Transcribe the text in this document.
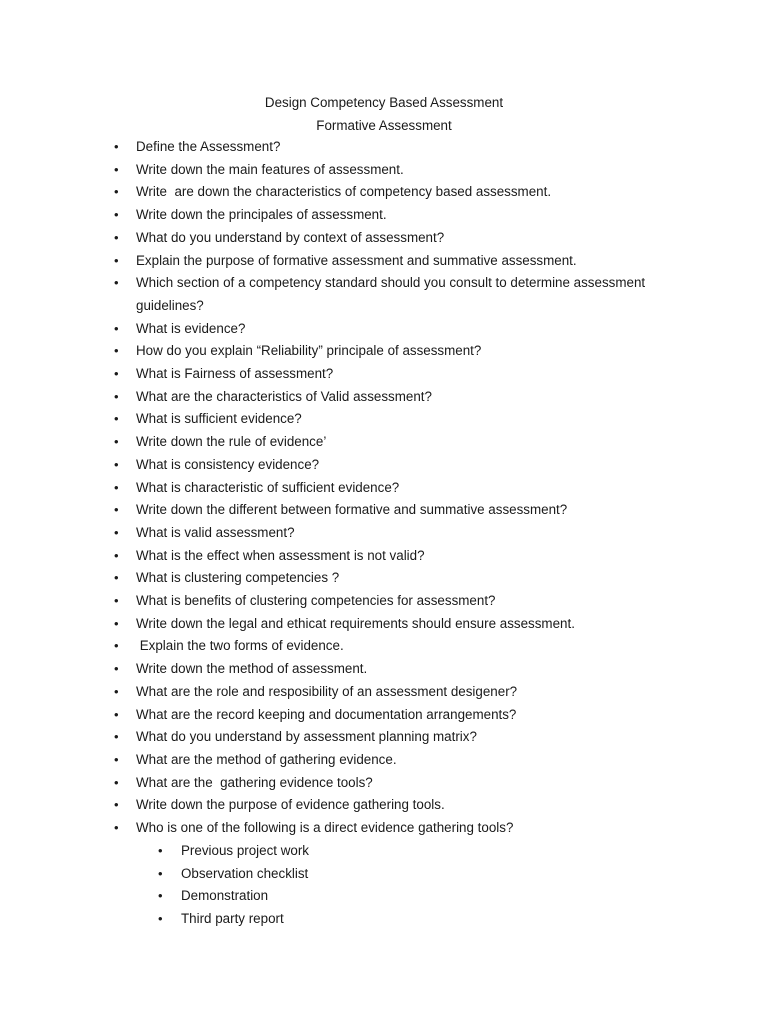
Design Competency Based Assessment
Formative Assessment
• Define the Assessment?
• Write down the main features of assessment.
• Write  are down the characteristics of competency based assessment.
• Write down the principales of assessment.
• What do you understand by context of assessment?
• Explain the purpose of formative assessment and summative assessment.
• Which section of a competency standard should you consult to determine assessment guidelines?
• What is evidence?
• How do you explain “Reliability” principale of assessment?
• What is Fairness of assessment?
• What are the characteristics of Valid assessment?
• What is sufficient evidence?
• Write down the rule of evidence’
• What is consistency evidence?
• What is characteristic of sufficient evidence?
• Write down the different between formative and summative assessment?
• What is valid assessment?
• What is the effect when assessment is not valid?
• What is clustering competencies ?
• What is benefits of clustering competencies for assessment?
• Write down the legal and ethicat requirements should ensure assessment.
• Explain the two forms of evidence.
• Write down the method of assessment.
• What are the role and resposibility of an assessment desigener?
• What are the record keeping and documentation arrangements?
• What do you understand by assessment planning matrix?
• What are the method of gathering evidence.
• What are the  gathering evidence tools?
• Write down the purpose of evidence gathering tools.
• Who is one of the following is a direct evidence gathering tools?
• Previous project work
• Observation checklist
• Demonstration
• Third party report
